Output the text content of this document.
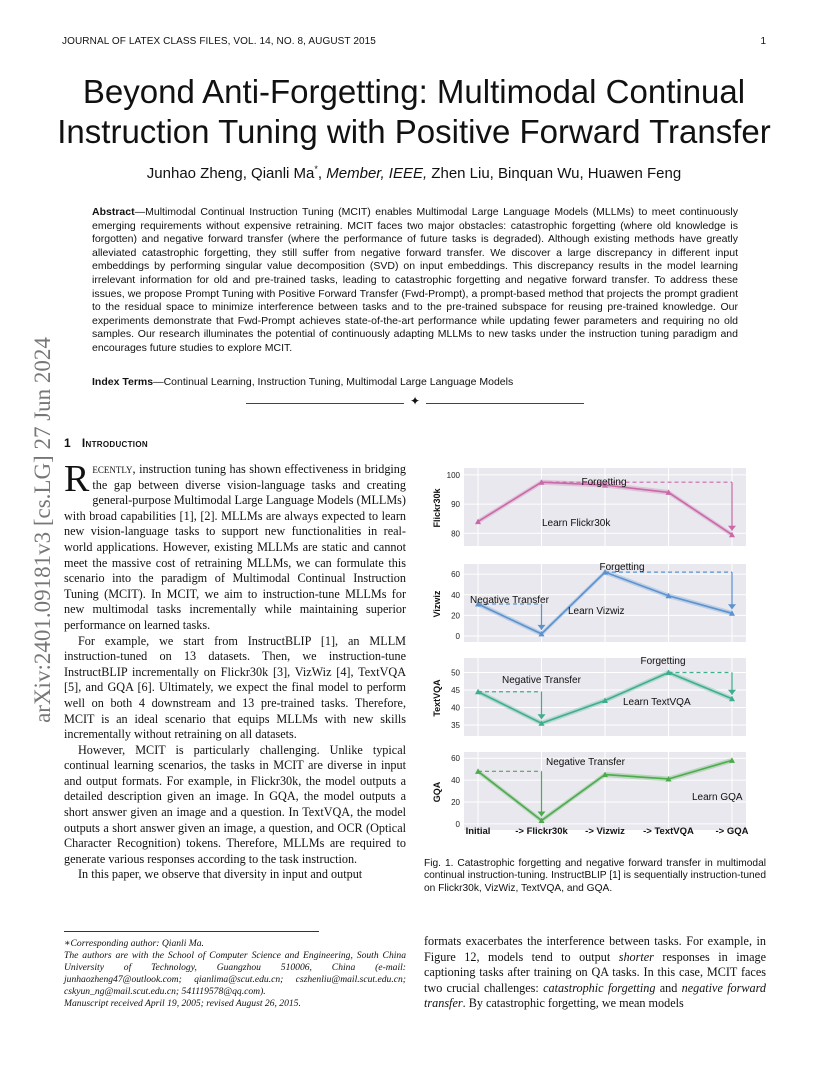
JOURNAL OF LATEX CLASS FILES, VOL. 14, NO. 8, AUGUST 2015	1
Beyond Anti-Forgetting: Multimodal Continual
Instruction Tuning with Positive Forward Transfer
Junhao Zheng, Qianli Ma*, Member, IEEE, Zhen Liu, Binquan Wu, Huawen Feng
Abstract—Multimodal Continual Instruction Tuning (MCIT) enables Multimodal Large Language Models (MLLMs) to meet continuously emerging requirements without expensive retraining. MCIT faces two major obstacles: catastrophic forgetting (where old knowledge is forgotten) and negative forward transfer (where the performance of future tasks is degraded). Although existing methods have greatly alleviated catastrophic forgetting, they still suffer from negative forward transfer. We discover a large discrepancy in different input embeddings by performing singular value decomposition (SVD) on input embeddings. This discrepancy results in the model learning irrelevant information for old and pre-trained tasks, leading to catastrophic forgetting and negative forward transfer. To address these issues, we propose Prompt Tuning with Positive Forward Transfer (Fwd-Prompt), a prompt-based method that projects the prompt gradient to the residual space to minimize interference between tasks and to the pre-trained subspace for reusing pre-trained knowledge. Our experiments demonstrate that Fwd-Prompt achieves state-of-the-art performance while updating fewer parameters and requiring no old samples. Our research illuminates the potential of continuously adapting MLLMs to new tasks under the instruction tuning paradigm and encourages future studies to explore MCIT.
Index Terms—Continual Learning, Instruction Tuning, Multimodal Large Language Models
✦
arXiv:2401.09181v3 [cs.LG] 27 Jun 2024 1 Introduction

Recently, instruction tuning has shown effectiveness in bridging the gap between diverse vision-language tasks and creating general-purpose Multimodal Large Language Models (MLLMs) with broad capabilities [1], [2]. MLLMs are always expected to learn new vision-language tasks to support new functionalities in real-world applications. However, existing MLLMs are static and cannot meet the massive cost of retraining MLLMs, we can formulate this scenario into the paradigm of Multimodal Continual Instruction Tuning (MCIT). In MCIT, we aim to instruction-tune MLLMs for new multimodal tasks incrementally while maintaining superior performance on learned tasks.

For example, we start from InstructBLIP [1], an MLLM instruction-tuned on 13 datasets. Then, we instruction-tune InstructBLIP incrementally on Flickr30k [3], VizWiz [4], TextVQA [5], and GQA [6]. Ultimately, we expect the final model to perform well on both 4 downstream and 13 pre-trained tasks. Therefore, MCIT is an ideal scenario that equips MLLMs with new skills incrementally without retraining on all datasets.

However, MCIT is particularly challenging. Unlike typical continual learning scenarios, the tasks in MCIT are diverse in input and output formats. For example, in Flickr30k, the model outputs a detailed description given an image. In GQA, the model outputs a short answer given an image and a question. In TextVQA, the model outputs a short answer given an image, a question, and OCR (Optical Character Recognition) tokens. Therefore, MLLMs are required to generate various responses according to the task instruction.

In this paper, we observe that diversity in input and output

∗Corresponding author: Qianli Ma.
The authors are with the School of Computer Science and Engineering, South China University of Technology, Guangzhou 510006, China (e-mail: junhaozheng47@outlook.com; qianlima@scut.edu.cn; cszhenliu@mail.scut.edu.cn; cskyun_ng@mail.scut.edu.cn; 541119578@qq.com).
Manuscript received April 19, 2005; revised August 26, 2015.
80
90
100
Flickr30k
Forgetting
Learn Flickr30k
0
20
40
60
Vizwiz
Forgetting
Negative Transfer
Learn Vizwiz
35
40
45
50
TextVQA
Forgetting
Negative Transfer
Learn TextVQA
0
20
40
60
GQA
Negative Transfer
Learn GQA
Initial	-> Flickr30k -> Vizwiz -> TextVQA -> GQA
Fig. 1. Catastrophic forgetting and negative forward transfer in multimodal continual instruction-tuning. InstructBLIP [1] is sequentially instruction-tuned on Flickr30k, VizWiz, TextVQA, and GQA.

formats exacerbates the interference between tasks. For example, in Figure 12, models tend to output shorter responses in image captioning tasks after training on QA tasks. In this case, MCIT faces two crucial challenges: catastrophic forgetting and negative forward transfer. By catastrophic forgetting, we mean models
